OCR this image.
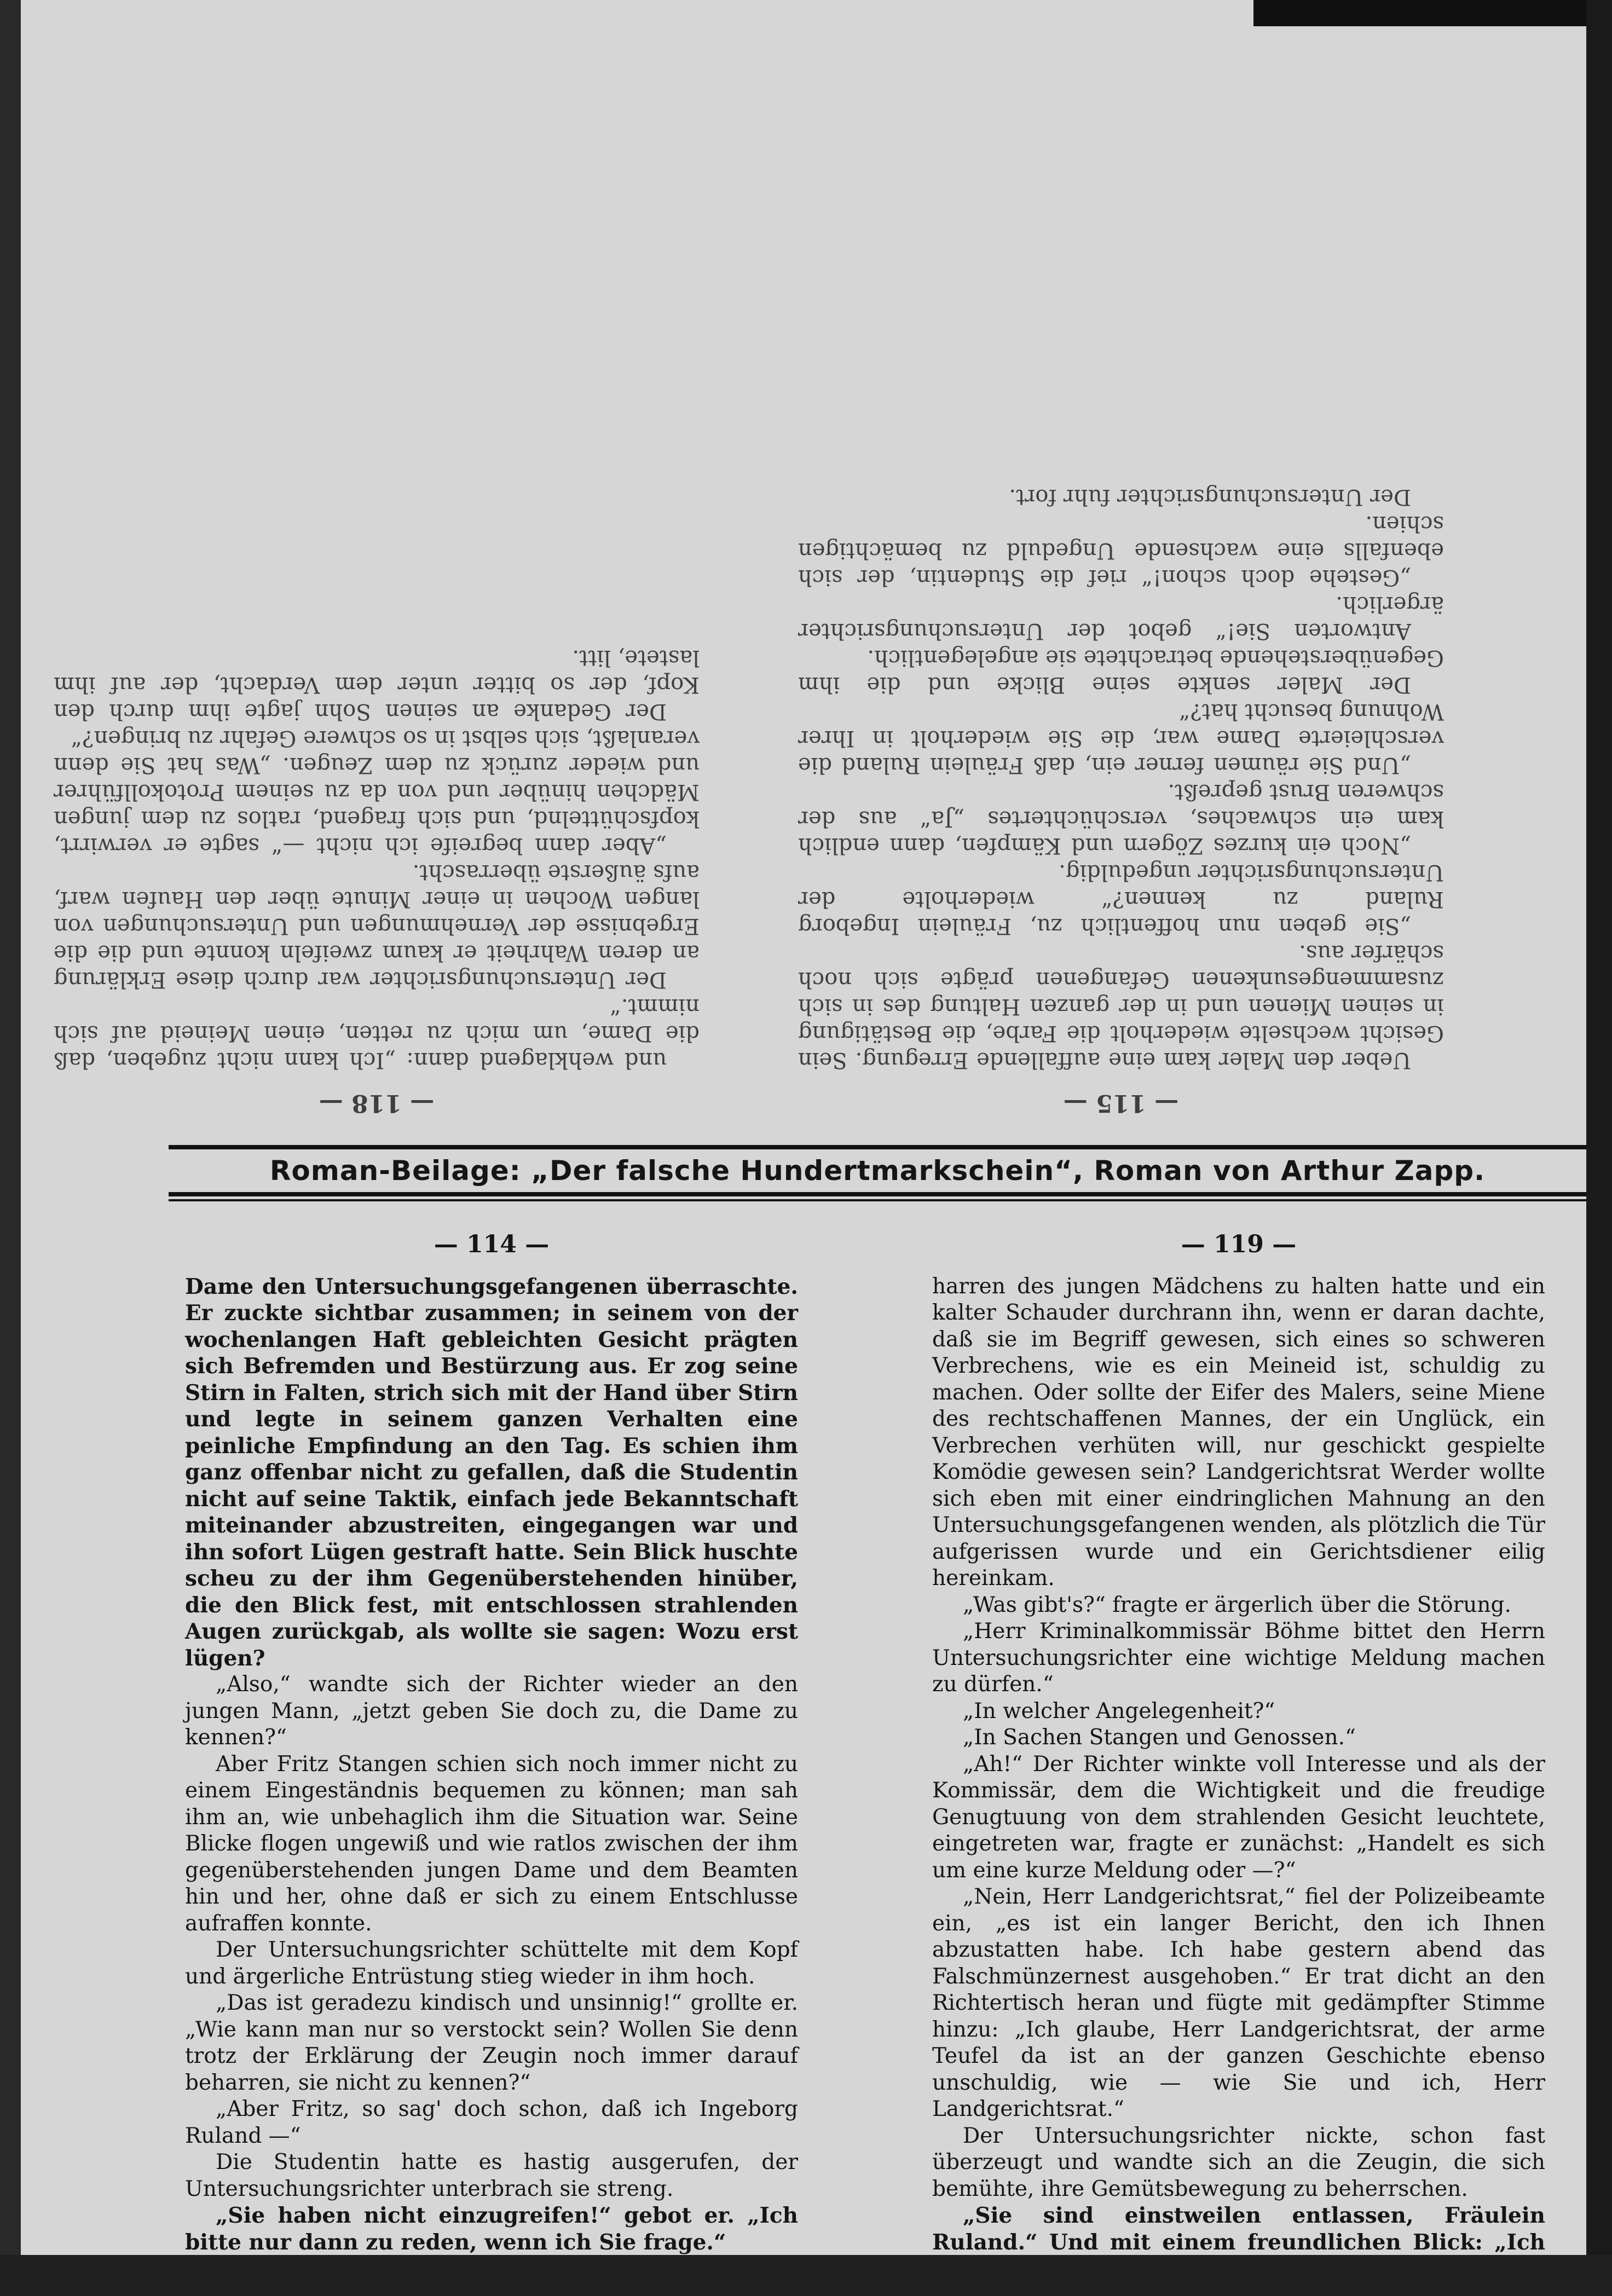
— 118 —

und wehklagend dann: „Ich kann nicht zugeben, daß die Dame, um mich zu retten, einen Meineid auf sich nimmt.“

Der Untersuchungsrichter war durch diese Erklärung an deren Wahrheit er kaum zweifeln konnte und die die Ergebnisse der Vernehmungen und Untersuchungen von langen Wochen in einer Minute über den Haufen warf, aufs äußerste überrascht.

„Aber dann begreife ich nicht —“ sagte er verwirrt, kopfschüttelnd, und sich fragend, ratlos zu dem jungen Mädchen hinüber und von da zu seinem Protokollführer und wieder zurück zu dem Zeugen. „Was hat Sie denn veranlaßt, sich selbst in so schwere Gefahr zu bringen?“

Der Gedanke an seinen Sohn jagte ihm durch den Kopf, der so bitter unter dem Verdacht, der auf ihm lastete, litt.

— 115 —

Ueber den Maler kam eine auffallende Erregung. Sein Gesicht wechselte wiederholt die Farbe, die Bestätigung in seinen Mienen und in der ganzen Haltung des in sich zusammengesunkenen Gefangenen prägte sich noch schärfer aus.

„Sie geben nun hoffentlich zu, Fräulein Ingeborg Ruland zu kennen?“ wiederholte der Untersuchungsrichter ungeduldig.

„Noch ein kurzes Zögern und Kämpfen, dann endlich kam ein schwaches, verschüchtertes „Ja“ aus der schweren Brust gepreßt.

„Und Sie räumen ferner ein, daß Fräulein Ruland die verschleierte Dame war, die Sie wiederholt in Ihrer Wohnung besucht hat?“

Der Maler senkte seine Blicke und die ihm Gegenüberstehende betrachtete sie angelegentlich.

Antworten Sie!“ gebot der Untersuchungsrichter ärgerlich.

„Gestehe doch schon!“ rief die Studentin, der sich ebenfalls eine wachsende Ungeduld zu bemächtigen schien.

Der Untersuchungsrichter fuhr fort.

Roman-Beilage: „Der falsche Hundertmarkschein“, Roman von Arthur Zapp.
— 114 —

Dame den Untersuchungsgefangenen überraschte. Er zuckte sichtbar zusammen; in seinem von der wochenlangen Haft gebleichten Gesicht prägten sich Befremden und Bestürzung aus. Er zog seine Stirn in Falten, strich sich mit der Hand über Stirn und legte in seinem ganzen Verhalten eine peinliche Empfindung an den Tag. Es schien ihm ganz offenbar nicht zu gefallen, daß die Studentin nicht auf seine Taktik, einfach jede Bekanntschaft miteinander abzustreiten, eingegangen war und ihn sofort Lügen gestraft hatte. Sein Blick huschte scheu zu der ihm Gegenüberstehenden hinüber, die den Blick fest, mit entschlossen strahlenden Augen zurückgab, als wollte sie sagen: Wozu erst lügen?

„Also,“ wandte sich der Richter wieder an den jungen Mann, „jetzt geben Sie doch zu, die Dame zu kennen?“

Aber Fritz Stangen schien sich noch immer nicht zu einem Eingeständnis bequemen zu können; man sah ihm an, wie unbehaglich ihm die Situation war. Seine Blicke flogen ungewiß und wie ratlos zwischen der ihm gegenüberstehenden jungen Dame und dem Beamten hin und her, ohne daß er sich zu einem Entschlusse aufraffen konnte.

Der Untersuchungsrichter schüttelte mit dem Kopf und ärgerliche Entrüstung stieg wieder in ihm hoch.

„Das ist geradezu kindisch und unsinnig!“ grollte er. „Wie kann man nur so verstockt sein? Wollen Sie denn trotz der Erklärung der Zeugin noch immer darauf beharren, sie nicht zu kennen?“

„Aber Fritz, so sag' doch schon, daß ich Ingeborg Ruland —“

Die Studentin hatte es hastig ausgerufen, der Untersuchungsrichter unterbrach sie streng.

„Sie haben nicht einzugreifen!“ gebot er. „Ich bitte nur dann zu reden, wenn ich Sie frage.“

— 119 —

harren des jungen Mädchens zu halten hatte und ein kalter Schauder durchrann ihn, wenn er daran dachte, daß sie im Begriff gewesen, sich eines so schweren Verbrechens, wie es ein Meineid ist, schuldig zu machen. Oder sollte der Eifer des Malers, seine Miene des rechtschaffenen Mannes, der ein Unglück, ein Verbrechen verhüten will, nur geschickt gespielte Komödie gewesen sein? Landgerichtsrat Werder wollte sich eben mit einer eindringlichen Mahnung an den Untersuchungsgefangenen wenden, als plötzlich die Tür aufgerissen wurde und ein Gerichtsdiener eilig hereinkam.

„Was gibt's?“ fragte er ärgerlich über die Störung.

„Herr Kriminalkommissär Böhme bittet den Herrn Untersuchungsrichter eine wichtige Meldung machen zu dürfen.“

„In welcher Angelegenheit?“

„In Sachen Stangen und Genossen.“

„Ah!“ Der Richter winkte voll Interesse und als der Kommissär, dem die Wichtigkeit und die freudige Genugtuung von dem strahlenden Gesicht leuchtete, eingetreten war, fragte er zunächst: „Handelt es sich um eine kurze Meldung oder —?“

„Nein, Herr Landgerichtsrat,“ fiel der Polizeibeamte ein, „es ist ein langer Bericht, den ich Ihnen abzustatten habe. Ich habe gestern abend das Falschmünzernest ausgehoben.“ Er trat dicht an den Richtertisch heran und fügte mit gedämpfter Stimme hinzu: „Ich glaube, Herr Landgerichtsrat, der arme Teufel da ist an der ganzen Geschichte ebenso unschuldig, wie — wie Sie und ich, Herr Landgerichtsrat.“

Der Untersuchungsrichter nickte, schon fast überzeugt und wandte sich an die Zeugin, die sich bemühte, ihre Gemütsbewegung zu beherrschen.

„Sie sind einstweilen entlassen, Fräulein Ruland.“ Und mit einem freundlichen Blick: „Ich
